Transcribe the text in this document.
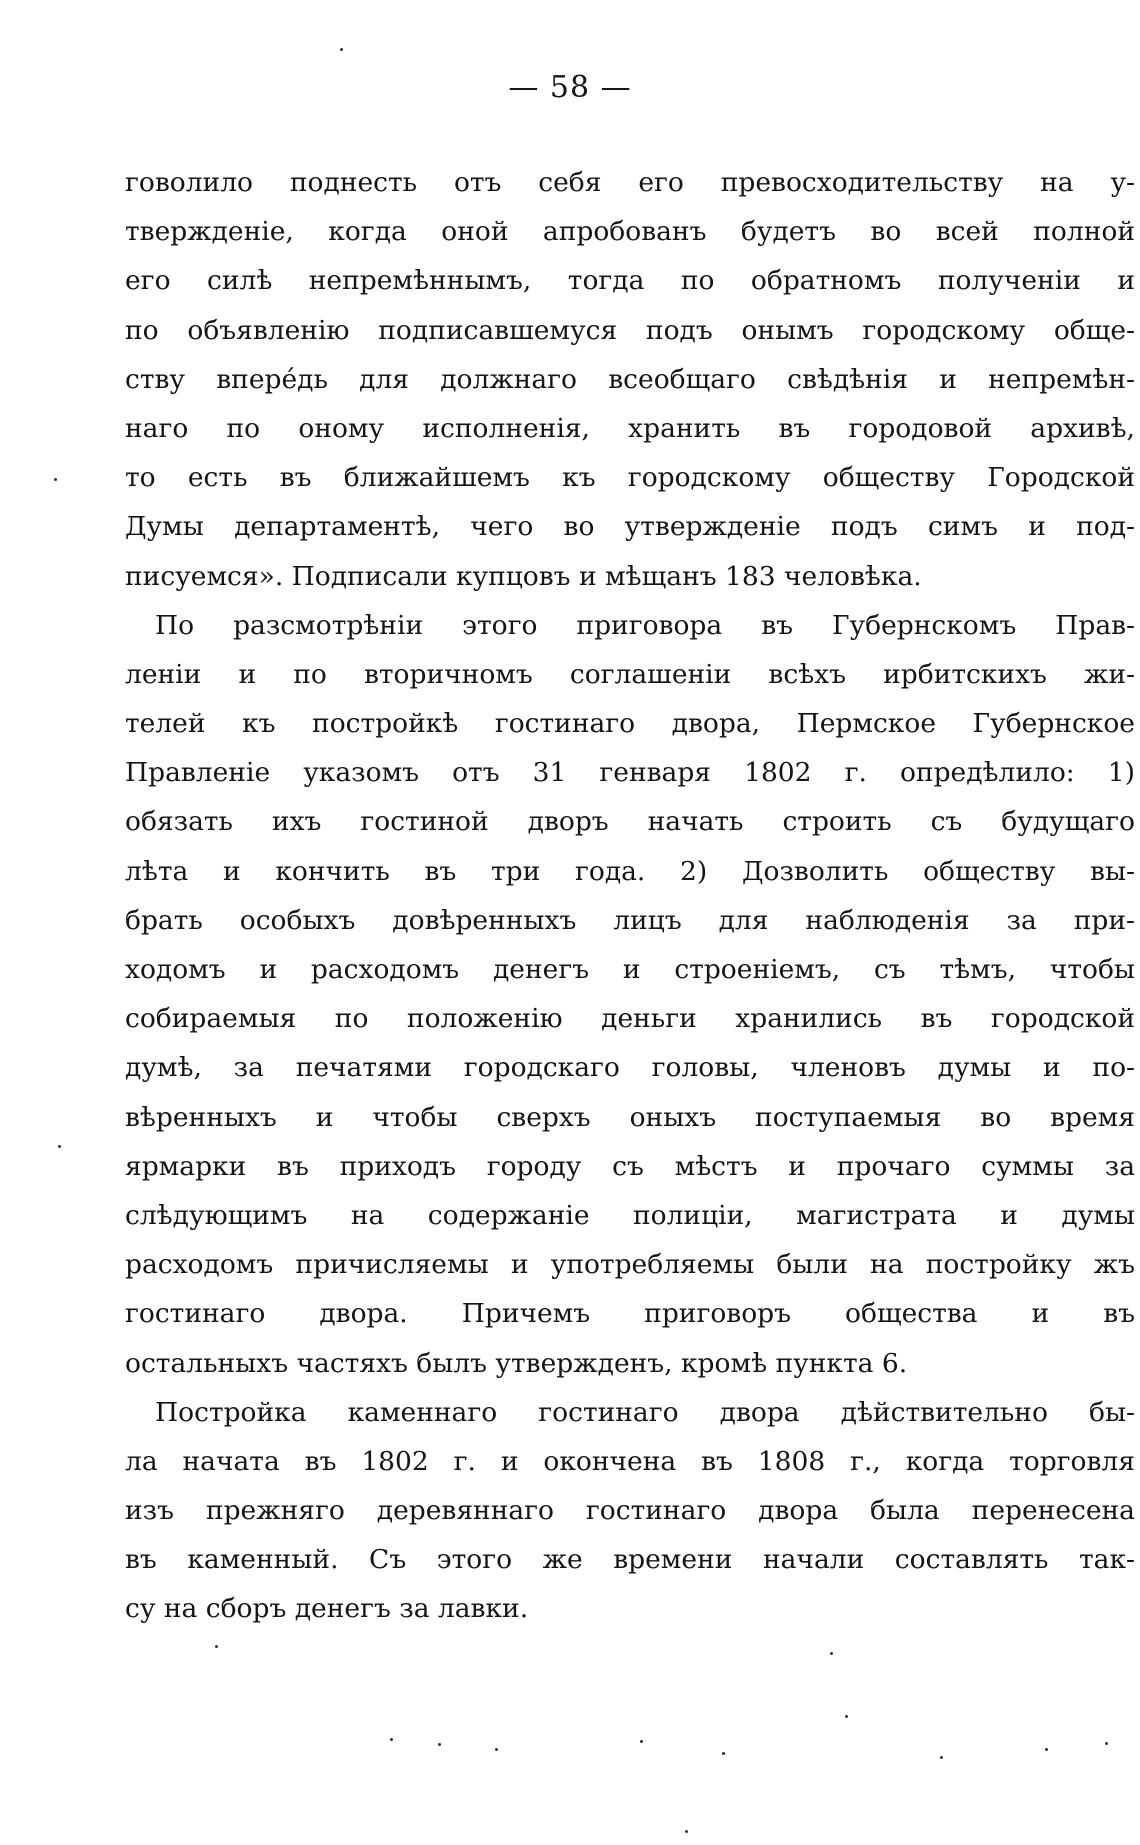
— 58 —
говолило поднесть отъ себя его превосходительству на у-
твержденіе, когда оной апробованъ будетъ во всей полной
его силѣ непремѣннымъ, тогда по обратномъ полученіи и
по объявленію подписавшемуся подъ онымъ городскому обще-
ству вперéдь для должнаго всеобщаго свѣдѣнія и непремѣн-
наго по оному исполненія, хранить въ городовой архивѣ,
то есть въ ближайшемъ къ городскому обществу Городской
Думы департаментѣ, чего во утвержденіе подъ симъ и под-
писуемся». Подписали купцовъ и мѣщанъ 183 человѣка.
По разсмотрѣніи этого приговора въ Губернскомъ Прав-
леніи и по вторичномъ соглашеніи всѣхъ ирбитскихъ жи-
телей къ постройкѣ гостинаго двора, Пермское Губернское
Правленіе указомъ отъ 31 генваря 1802 г. опредѣлило: 1)
обязать ихъ гостиной дворъ начать строить съ будущаго
лѣта и кончить въ три года. 2) Дозволить обществу вы-
брать особыхъ довѣренныхъ лицъ для наблюденія за при-
ходомъ и расходомъ денегъ и строеніемъ, съ тѣмъ, чтобы
собираемыя по положенію деньги хранились въ городской
думѣ, за печатями городскаго головы, членовъ думы и по-
вѣренныхъ и чтобы сверхъ оныхъ поступаемыя во время
ярмарки въ приходъ городу съ мѣстъ и прочаго суммы за
слѣдующимъ на содержаніе полиціи, магистрата и думы
расходомъ причисляемы и употребляемы были на постройку жъ
гостинаго двора. Причемъ приговоръ общества и въ
остальныхъ частяхъ былъ утвержденъ, кромѣ пункта 6.
Постройка каменнаго гостинаго двора дѣйствительно бы-
ла начата въ 1802 г. и окончена въ 1808 г., когда торговля
изъ прежняго деревяннаго гостинаго двора была перенесена
въ каменный. Съ этого же времени начали составлять так-
су на сборъ денегъ за лавки.
